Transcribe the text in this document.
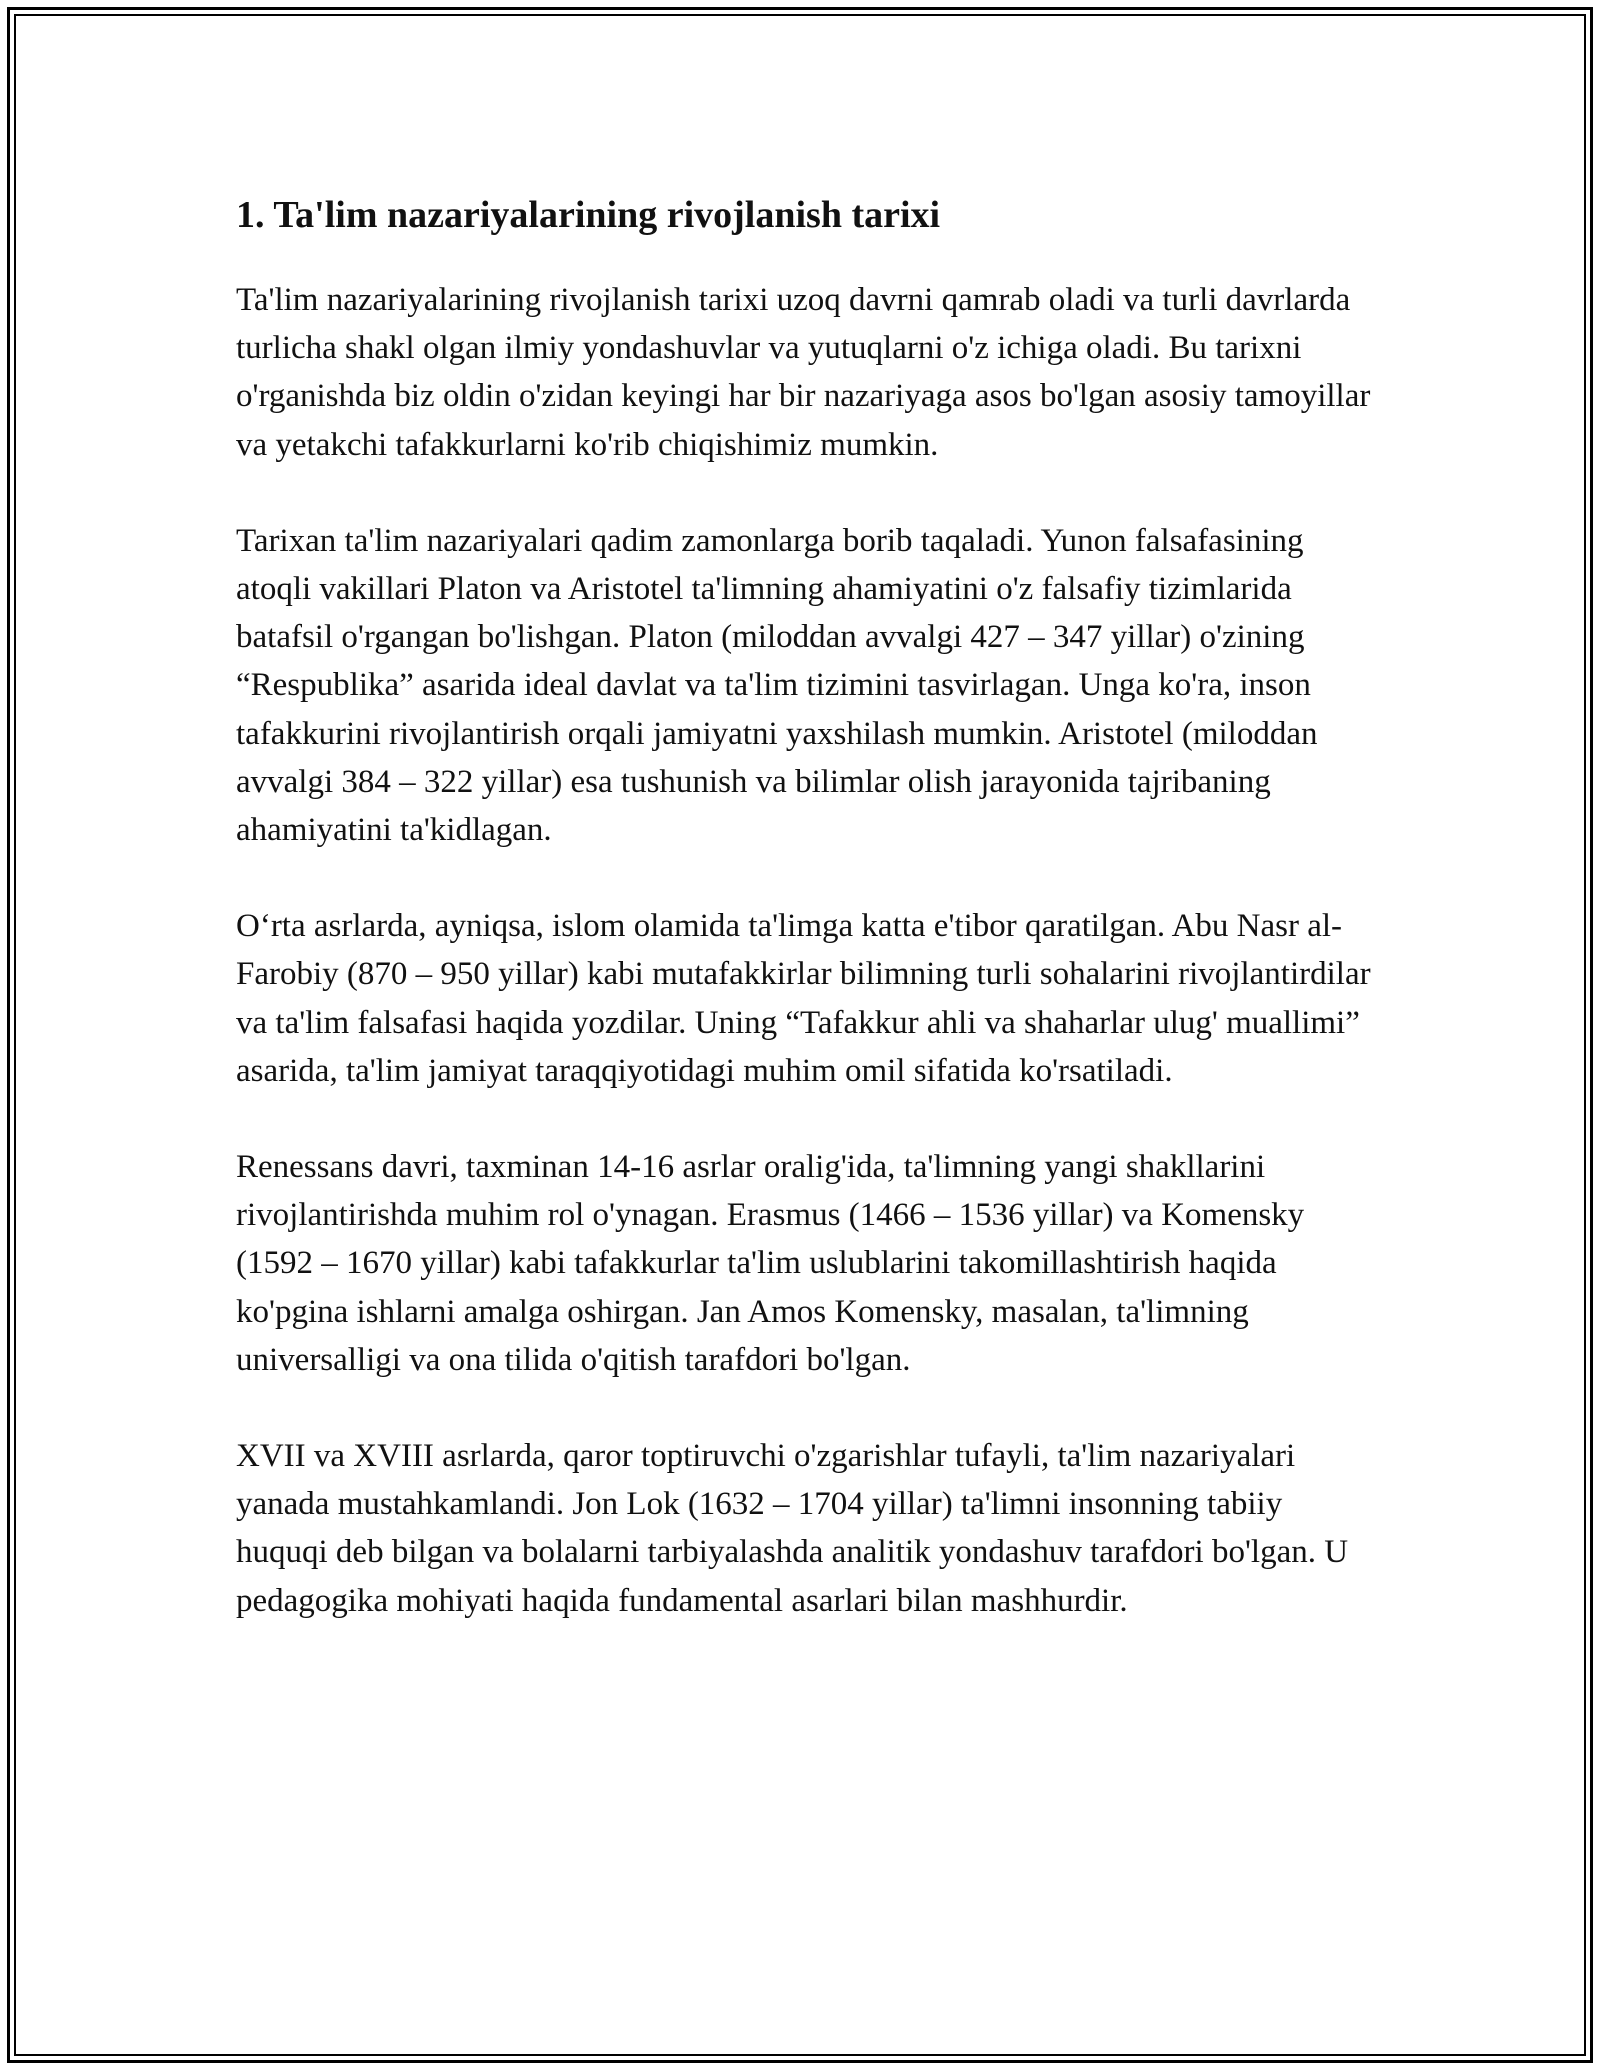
1. Ta'lim nazariyalarining rivojlanish tarixi

Ta'lim nazariyalarining rivojlanish tarixi uzoq davrni qamrab oladi va turli davrlarda turlicha shakl olgan ilmiy yondashuvlar va yutuqlarni o'z ichiga oladi. Bu tarixni o'rganishda biz oldin o'zidan keyingi har bir nazariyaga asos bo'lgan asosiy tamoyillar va yetakchi tafakkurlarni ko'rib chiqishimiz mumkin.

Tarixan ta'lim nazariyalari qadim zamonlarga borib taqaladi. Yunon falsafasining atoqli vakillari Platon va Aristotel ta'limning ahamiyatini o'z falsafiy tizimlarida batafsil o'rgangan bo'lishgan. Platon (miloddan avvalgi 427 – 347 yillar) o'zining “Respublika” asarida ideal davlat va ta'lim tizimini tasvirlagan. Unga ko'ra, inson tafakkurini rivojlantirish orqali jamiyatni yaxshilash mumkin. Aristotel (miloddan avvalgi 384 – 322 yillar) esa tushunish va bilimlar olish jarayonida tajribaning ahamiyatini ta'kidlagan.

O‘rta asrlarda, ayniqsa, islom olamida ta'limga katta e'tibor qaratilgan. Abu Nasr al-Farobiy (870 – 950 yillar) kabi mutafakkirlar bilimning turli sohalarini rivojlantirdilar va ta'lim falsafasi haqida yozdilar. Uning “Tafakkur ahli va shaharlar ulug' muallimi” asarida, ta'lim jamiyat taraqqiyotidagi muhim omil sifatida ko'rsatiladi.

Renessans davri, taxminan 14-16 asrlar oralig'ida, ta'limning yangi shakllarini rivojlantirishda muhim rol o'ynagan. Erasmus (1466 – 1536 yillar) va Komensky (1592 – 1670 yillar) kabi tafakkurlar ta'lim uslublarini takomillashtirish haqida ko'pgina ishlarni amalga oshirgan. Jan Amos Komensky, masalan, ta'limning universalligi va ona tilida o'qitish tarafdori bo'lgan.

XVII va XVIII asrlarda, qaror toptiruvchi o'zgarishlar tufayli, ta'lim nazariyalari yanada mustahkamlandi. Jon Lok (1632 – 1704 yillar) ta'limni insonning tabiiy huquqi deb bilgan va bolalarni tarbiyalashda analitik yondashuv tarafdori bo'lgan. U pedagogika mohiyati haqida fundamental asarlari bilan mashhurdir.
